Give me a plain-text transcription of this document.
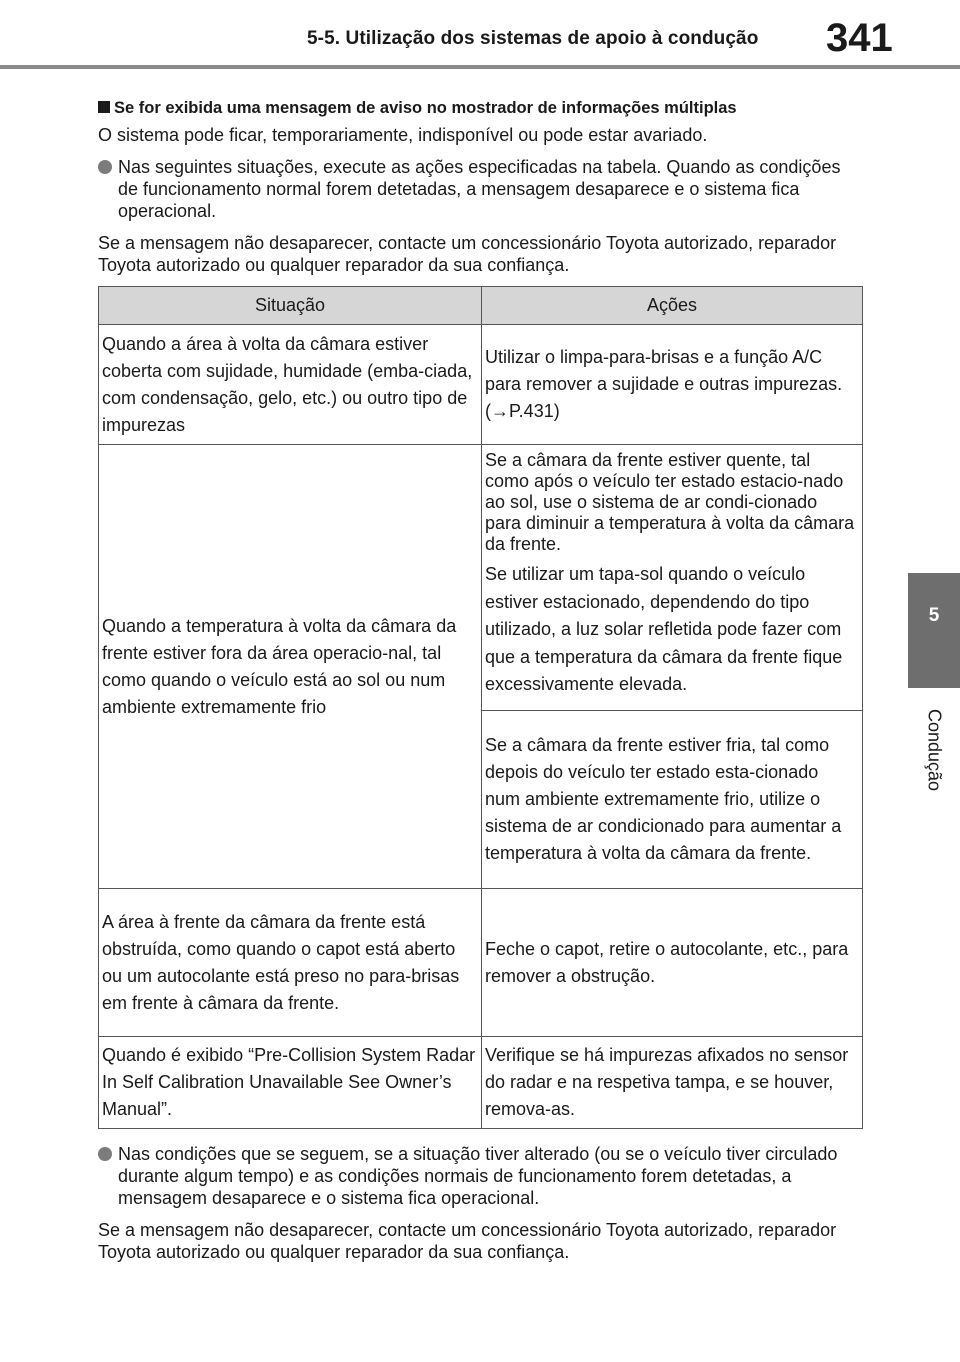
5-5. Utilização dos sistemas de apoio à condução 341
5
Condução
Se for exibida uma mensagem de aviso no mostrador de informações múltiplas

O sistema pode ficar, temporariamente, indisponível ou pode estar avariado.

Nas seguintes situações, execute as ações especificadas na tabela. Quando as condições de funcionamento normal forem detetadas, a mensagem desaparece e o sistema fica operacional.

Se a mensagem não desaparecer, contacte um concessionário Toyota autorizado, reparador Toyota autorizado ou qualquer reparador da sua confiança.

Situação	Ações
Quando a área à volta da câmara estiver coberta com sujidade, humidade (emba-ciada, com condensação, gelo, etc.) ou outro tipo de impurezas	Utilizar o limpa-para-brisas e a função A/C para remover a sujidade e outras impurezas. (→P.431)
Quando a temperatura à volta da câmara da frente estiver fora da área operacio-nal, tal como quando o veículo está ao sol ou num ambiente extremamente frio	Se a câmara da frente estiver quente, tal como após o veículo ter estado estacio-nado ao sol, use o sistema de ar condi-cionado para diminuir a temperatura à volta da câmara da frente.

Se utilizar um tapa-sol quando o veículo estiver estacionado, dependendo do tipo utilizado, a luz solar refletida pode fazer com que a temperatura da câmara da frente fique excessivamente elevada.

	Se a câmara da frente estiver fria, tal como depois do veículo ter estado esta-cionado num ambiente extremamente frio, utilize o sistema de ar condicionado para aumentar a temperatura à volta da câmara da frente.
A área à frente da câmara da frente está obstruída, como quando o capot está aberto ou um autocolante está preso no para-brisas em frente à câmara da frente.	Feche o capot, retire o autocolante, etc., para remover a obstrução.
Quando é exibido “Pre-Collision System Radar In Self Calibration Unavailable See Owner’s Manual”.	Verifique se há impurezas afixados no sensor do radar e na respetiva tampa, e se houver, remova-as.
Nas condições que se seguem, se a situação tiver alterado (ou se o veículo tiver circulado durante algum tempo) e as condições normais de funcionamento forem detetadas, a mensagem desaparece e o sistema fica operacional.

Se a mensagem não desaparecer, contacte um concessionário Toyota autorizado, reparador Toyota autorizado ou qualquer reparador da sua confiança.
